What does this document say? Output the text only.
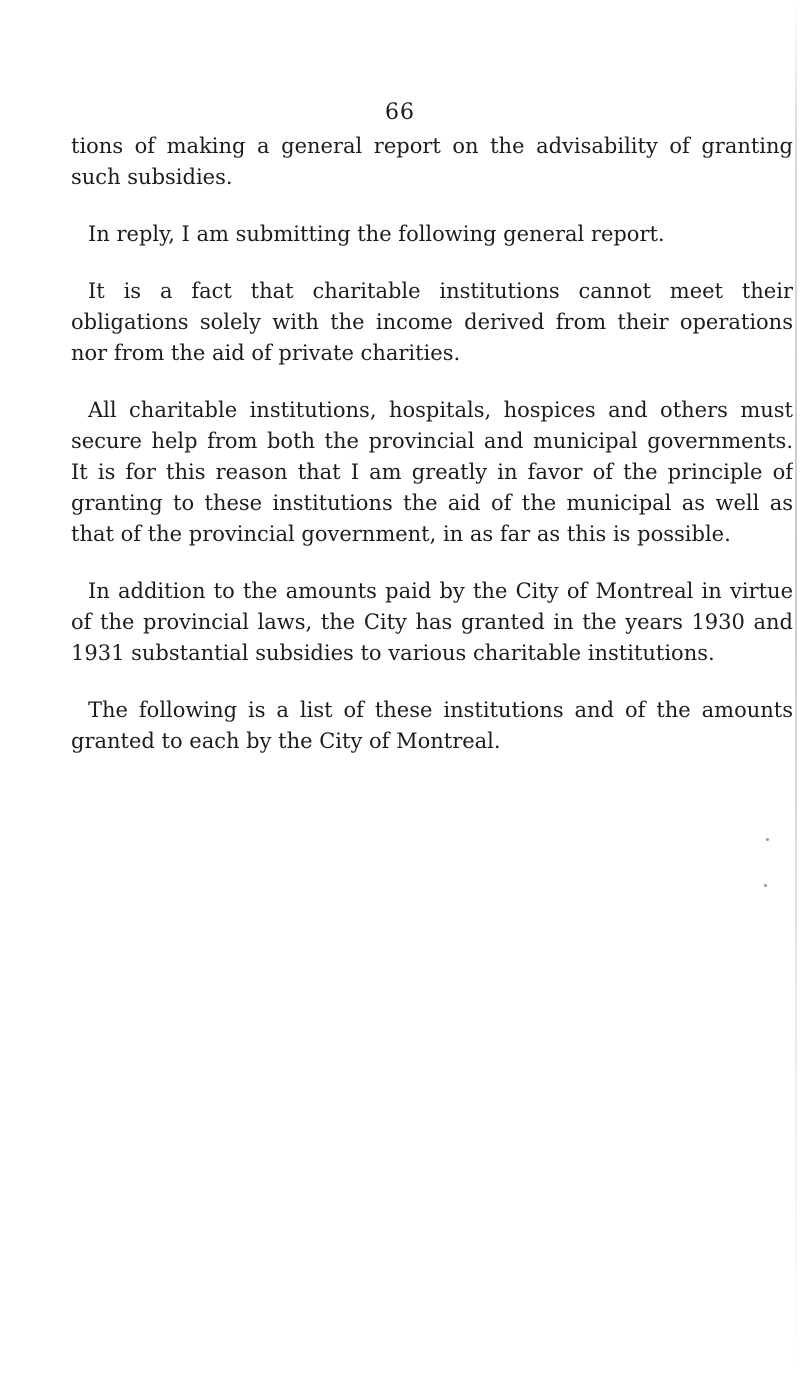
66

tions of making a general report on the advisability of granting such subsidies.

In reply, I am submitting the following general report.

It is a fact that charitable institutions cannot meet their obligations solely with the income derived from their operations nor from the aid of private charities.

All charitable institutions, hospitals, hospices and others must secure help from both the provincial and municipal governments. It is for this reason that I am greatly in favor of the principle of granting to these institutions the aid of the municipal as well as that of the provincial government, in as far as this is possible.

In addition to the amounts paid by the City of Montreal in virtue of the provincial laws, the City has granted in the years 1930 and 1931 substantial subsidies to various charitable institutions.

The following is a list of these institutions and of the amounts granted to each by the City of Montreal.
